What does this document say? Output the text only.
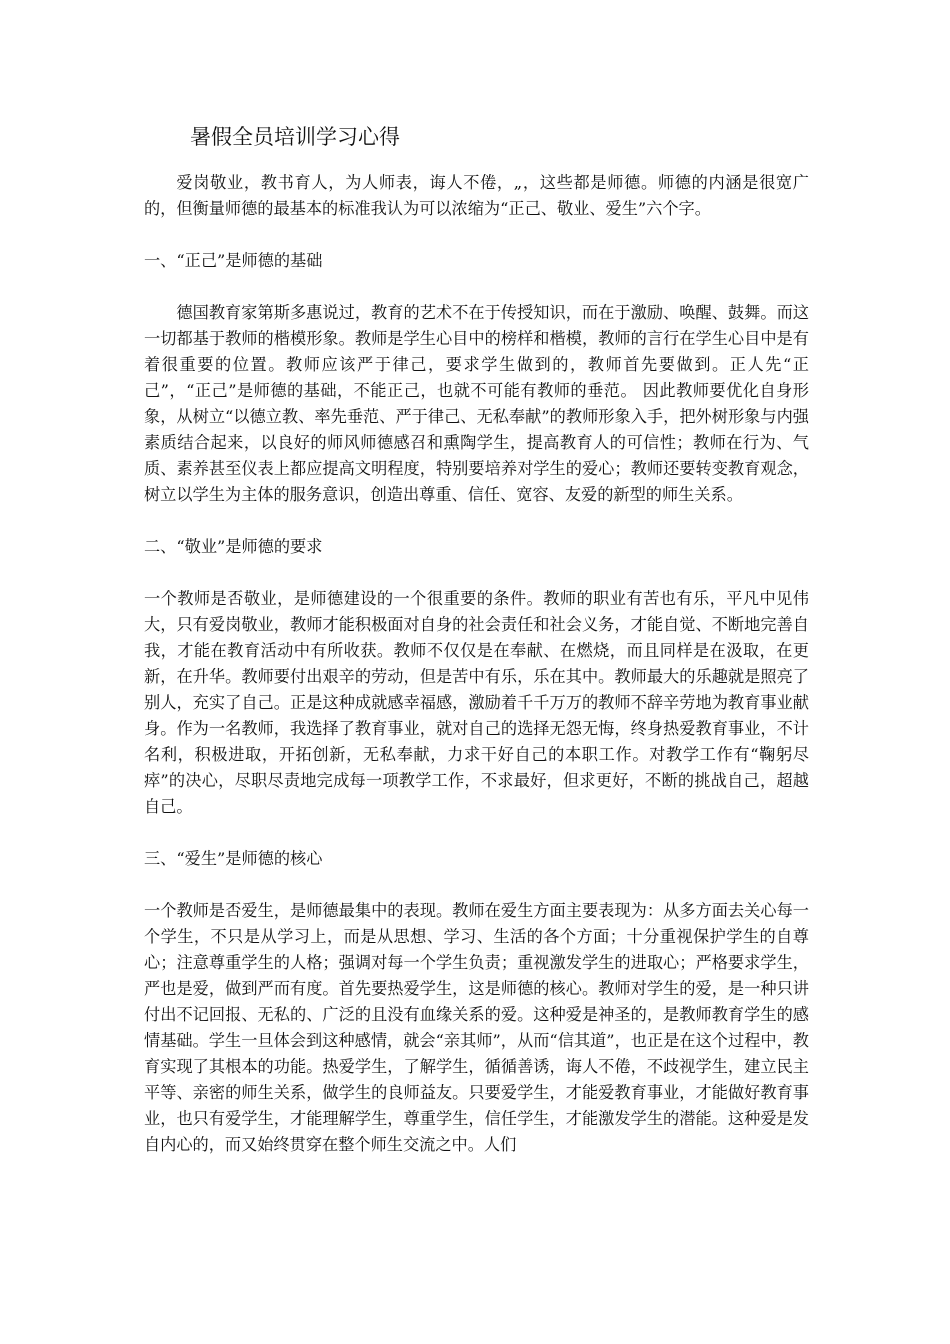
暑假全员培训学习心得

爱岗敬业，教书育人，为人师表，诲人不倦，„，这些都是师德。师德的内涵是很宽广的，但衡量师德的最基本的标准我认为可以浓缩为“正己、敬业、爱生”六个字。

一、“正己”是师德的基础

德国教育家第斯多惠说过，教育的艺术不在于传授知识，而在于激励、唤醒、鼓舞。而这一切都基于教师的楷模形象。教师是学生心目中的榜样和楷模，教师的言行在学生心目中是有着很重要的位置。教师应该严于律己，要求学生做到的，教师首先要做到。正人先“正己”，“正己”是师德的基础，不能正己，也就不可能有教师的垂范。 因此教师要优化自身形象，从树立“以德立教、率先垂范、严于律己、无私奉献”的教师形象入手，把外树形象与内强素质结合起来，以良好的师风师德感召和熏陶学生，提高教育人的可信性；教师在行为、气质、素养甚至仪表上都应提高文明程度，特别要培养对学生的爱心；教师还要转变教育观念，树立以学生为主体的服务意识，创造出尊重、信任、宽容、友爱的新型的师生关系。

二、“敬业”是师德的要求

一个教师是否敬业，是师德建设的一个很重要的条件。教师的职业有苦也有乐，平凡中见伟大，只有爱岗敬业，教师才能积极面对自身的社会责任和社会义务，才能自觉、不断地完善自我，才能在教育活动中有所收获。教师不仅仅是在奉献、在燃烧，而且同样是在汲取，在更新，在升华。教师要付出艰辛的劳动，但是苦中有乐，乐在其中。教师最大的乐趣就是照亮了别人，充实了自己。正是这种成就感幸福感，激励着千千万万的教师不辞辛劳地为教育事业献身。作为一名教师，我选择了教育事业，就对自己的选择无怨无悔，终身热爱教育事业，不计名利，积极进取，开拓创新，无私奉献，力求干好自己的本职工作。对教学工作有“鞠躬尽瘁”的决心，尽职尽责地完成每一项教学工作，不求最好，但求更好，不断的挑战自己，超越自己。

三、“爱生”是师德的核心

一个教师是否爱生，是师德最集中的表现。教师在爱生方面主要表现为：从多方面去关心每一个学生，不只是从学习上，而是从思想、学习、生活的各个方面；十分重视保护学生的自尊心；注意尊重学生的人格；强调对每一个学生负责；重视激发学生的进取心；严格要求学生，严也是爱，做到严而有度。首先要热爱学生，这是师德的核心。教师对学生的爱，是一种只讲付出不记回报、无私的、广泛的且没有血缘关系的爱。这种爱是神圣的，是教师教育学生的感情基础。学生一旦体会到这种感情，就会“亲其师”，从而“信其道”，也正是在这个过程中，教育实现了其根本的功能。热爱学生，了解学生，循循善诱，诲人不倦，不歧视学生，建立民主平等、亲密的师生关系，做学生的良师益友。只要爱学生，才能爱教育事业，才能做好教育事业，也只有爱学生，才能理解学生，尊重学生，信任学生，才能激发学生的潜能。这种爱是发自内心的，而又始终贯穿在整个师生交流之中。人们
